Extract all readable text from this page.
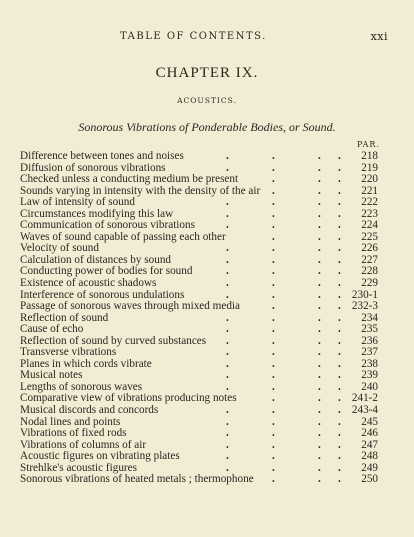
TABLE OF CONTENTS.	xxi
CHAPTER IX.
ACOUSTICS.
Sonorous Vibrations of Ponderable Bodies, or Sound.
PAR.
Difference between tones and noises	218
.	.	. .
Diffusion of sonorous vibrations	219
.	.	. .
Checked unless a conducting medium be present	220
.	. .
Sounds varying in intensity with the density of the air	221
.	. .
Law of intensity of sound	222
.	.	. .
Circumstances modifying this law	223
.	.	. .
Communication of sonorous vibrations	224
.	.	. .
Waves of sound capable of passing each other	225
.	. .
Velocity of sound	226
.	.	. .
Calculation of distances by sound	227
.	.	. .
Conducting power of bodies for sound	228
.	.	. .
Existence of acoustic shadows	229
.	.	. .
Interference of sonorous undulations	230-1
.	.	. .
Passage of sonorous waves through mixed media	232-3
.	. .
Reflection of sound	234
.	.	. .
Cause of echo	235
.	.	. .
Reflection of sound by curved substances	236
.	.	. .
Transverse vibrations	237
.	.	. .
Planes in which cords vibrate	238
.	.	. .
Musical notes	239
.	.	. .
Lengths of sonorous waves	240
.	.	. .
Comparative view of vibrations producing notes	241-2
.	. .
Musical discords and concords	243-4
.	.	. .
Nodal lines and points	245
.	.	. .
Vibrations of fixed rods	246
.	.	. .
Vibrations of columns of air	247
.	.	. .
Acoustic figures on vibrating plates	248
.	.	. .
Strehlke's acoustic figures	249
.	.	. .
Sonorous vibrations of heated metals ; thermophone	250
.	. .
